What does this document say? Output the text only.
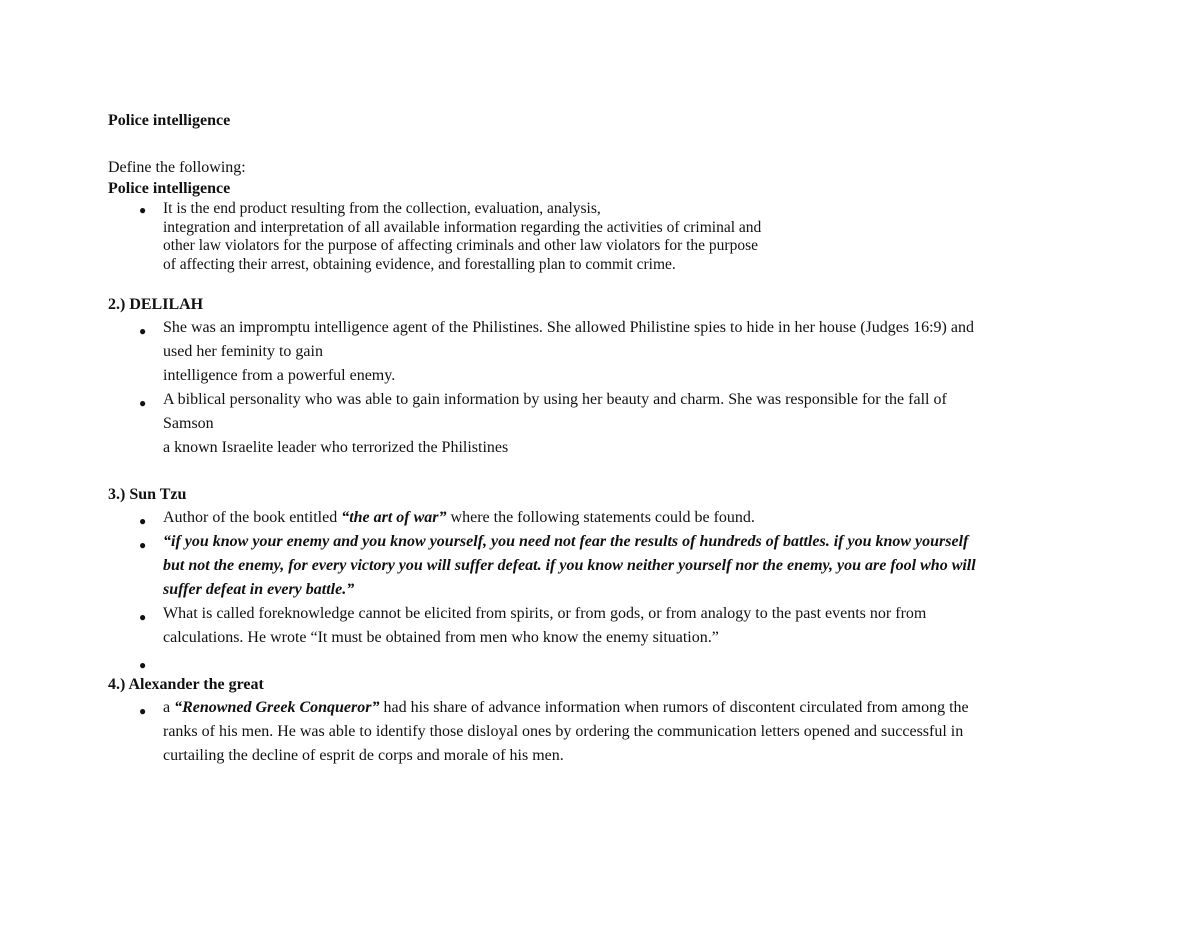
Police intelligence
Define the following:
Police intelligence
● It is the end product resulting from the collection, evaluation, analysis,
integration and interpretation of all available information regarding the activities of criminal and
other law violators for the purpose of affecting criminals and other law violators for the purpose
of affecting their arrest, obtaining evidence, and forestalling plan to commit crime.
2.) DELILAH
● She was an impromptu intelligence agent of the Philistines. She allowed Philistine spies to hide in her house (Judges 16:9) and
used her feminity to gain
intelligence from a powerful enemy.
● A biblical personality who was able to gain information by using her beauty and charm. She was responsible for the fall of
Samson
a known Israelite leader who terrorized the Philistines
3.) Sun Tzu
● Author of the book entitled “the art of war” where the following statements could be found.
● “if you know your enemy and you know yourself, you need not fear the results of hundreds of battles. if you know yourself
but not the enemy, for every victory you will suffer defeat. if you know neither yourself nor the enemy, you are fool who will
suffer defeat in every battle.”
● What is called foreknowledge cannot be elicited from spirits, or from gods, or from analogy to the past events nor from
calculations. He wrote “It must be obtained from men who know the enemy situation.”
●

4.) Alexander the great
● a “Renowned Greek Conqueror” had his share of advance information when rumors of discontent circulated from among the
ranks of his men. He was able to identify those disloyal ones by ordering the communication letters opened and successful in
curtailing the decline of esprit de corps and morale of his men.
